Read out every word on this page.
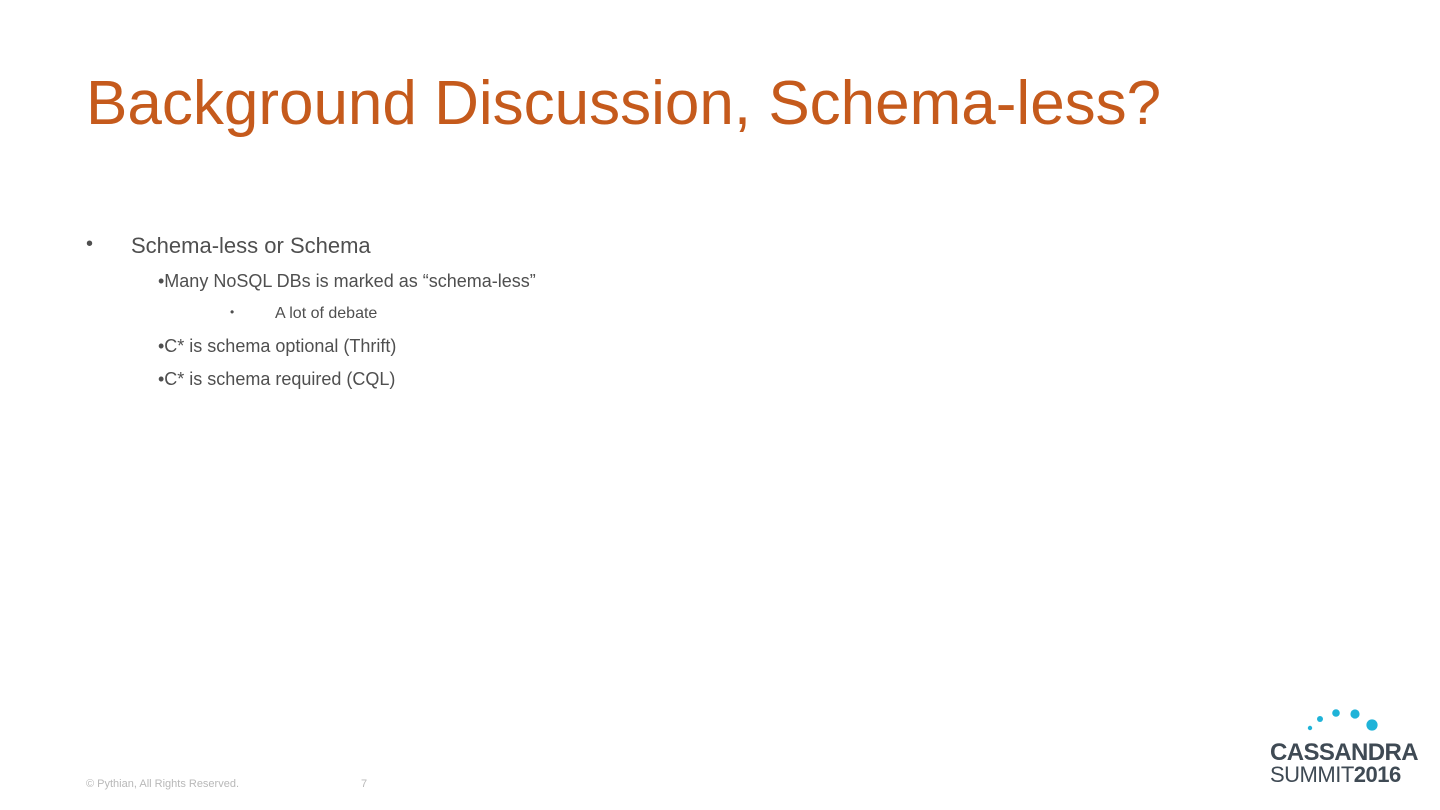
Background Discussion, Schema-less?
• Schema-less or Schema
•Many NoSQL DBs is marked as “schema-less”
•	A lot of debate
•C* is schema optional (Thrift)
•C* is schema required (CQL)
© Pythian, All Rights Reserved.	7
CASSANDRA
SUMMIT2016
